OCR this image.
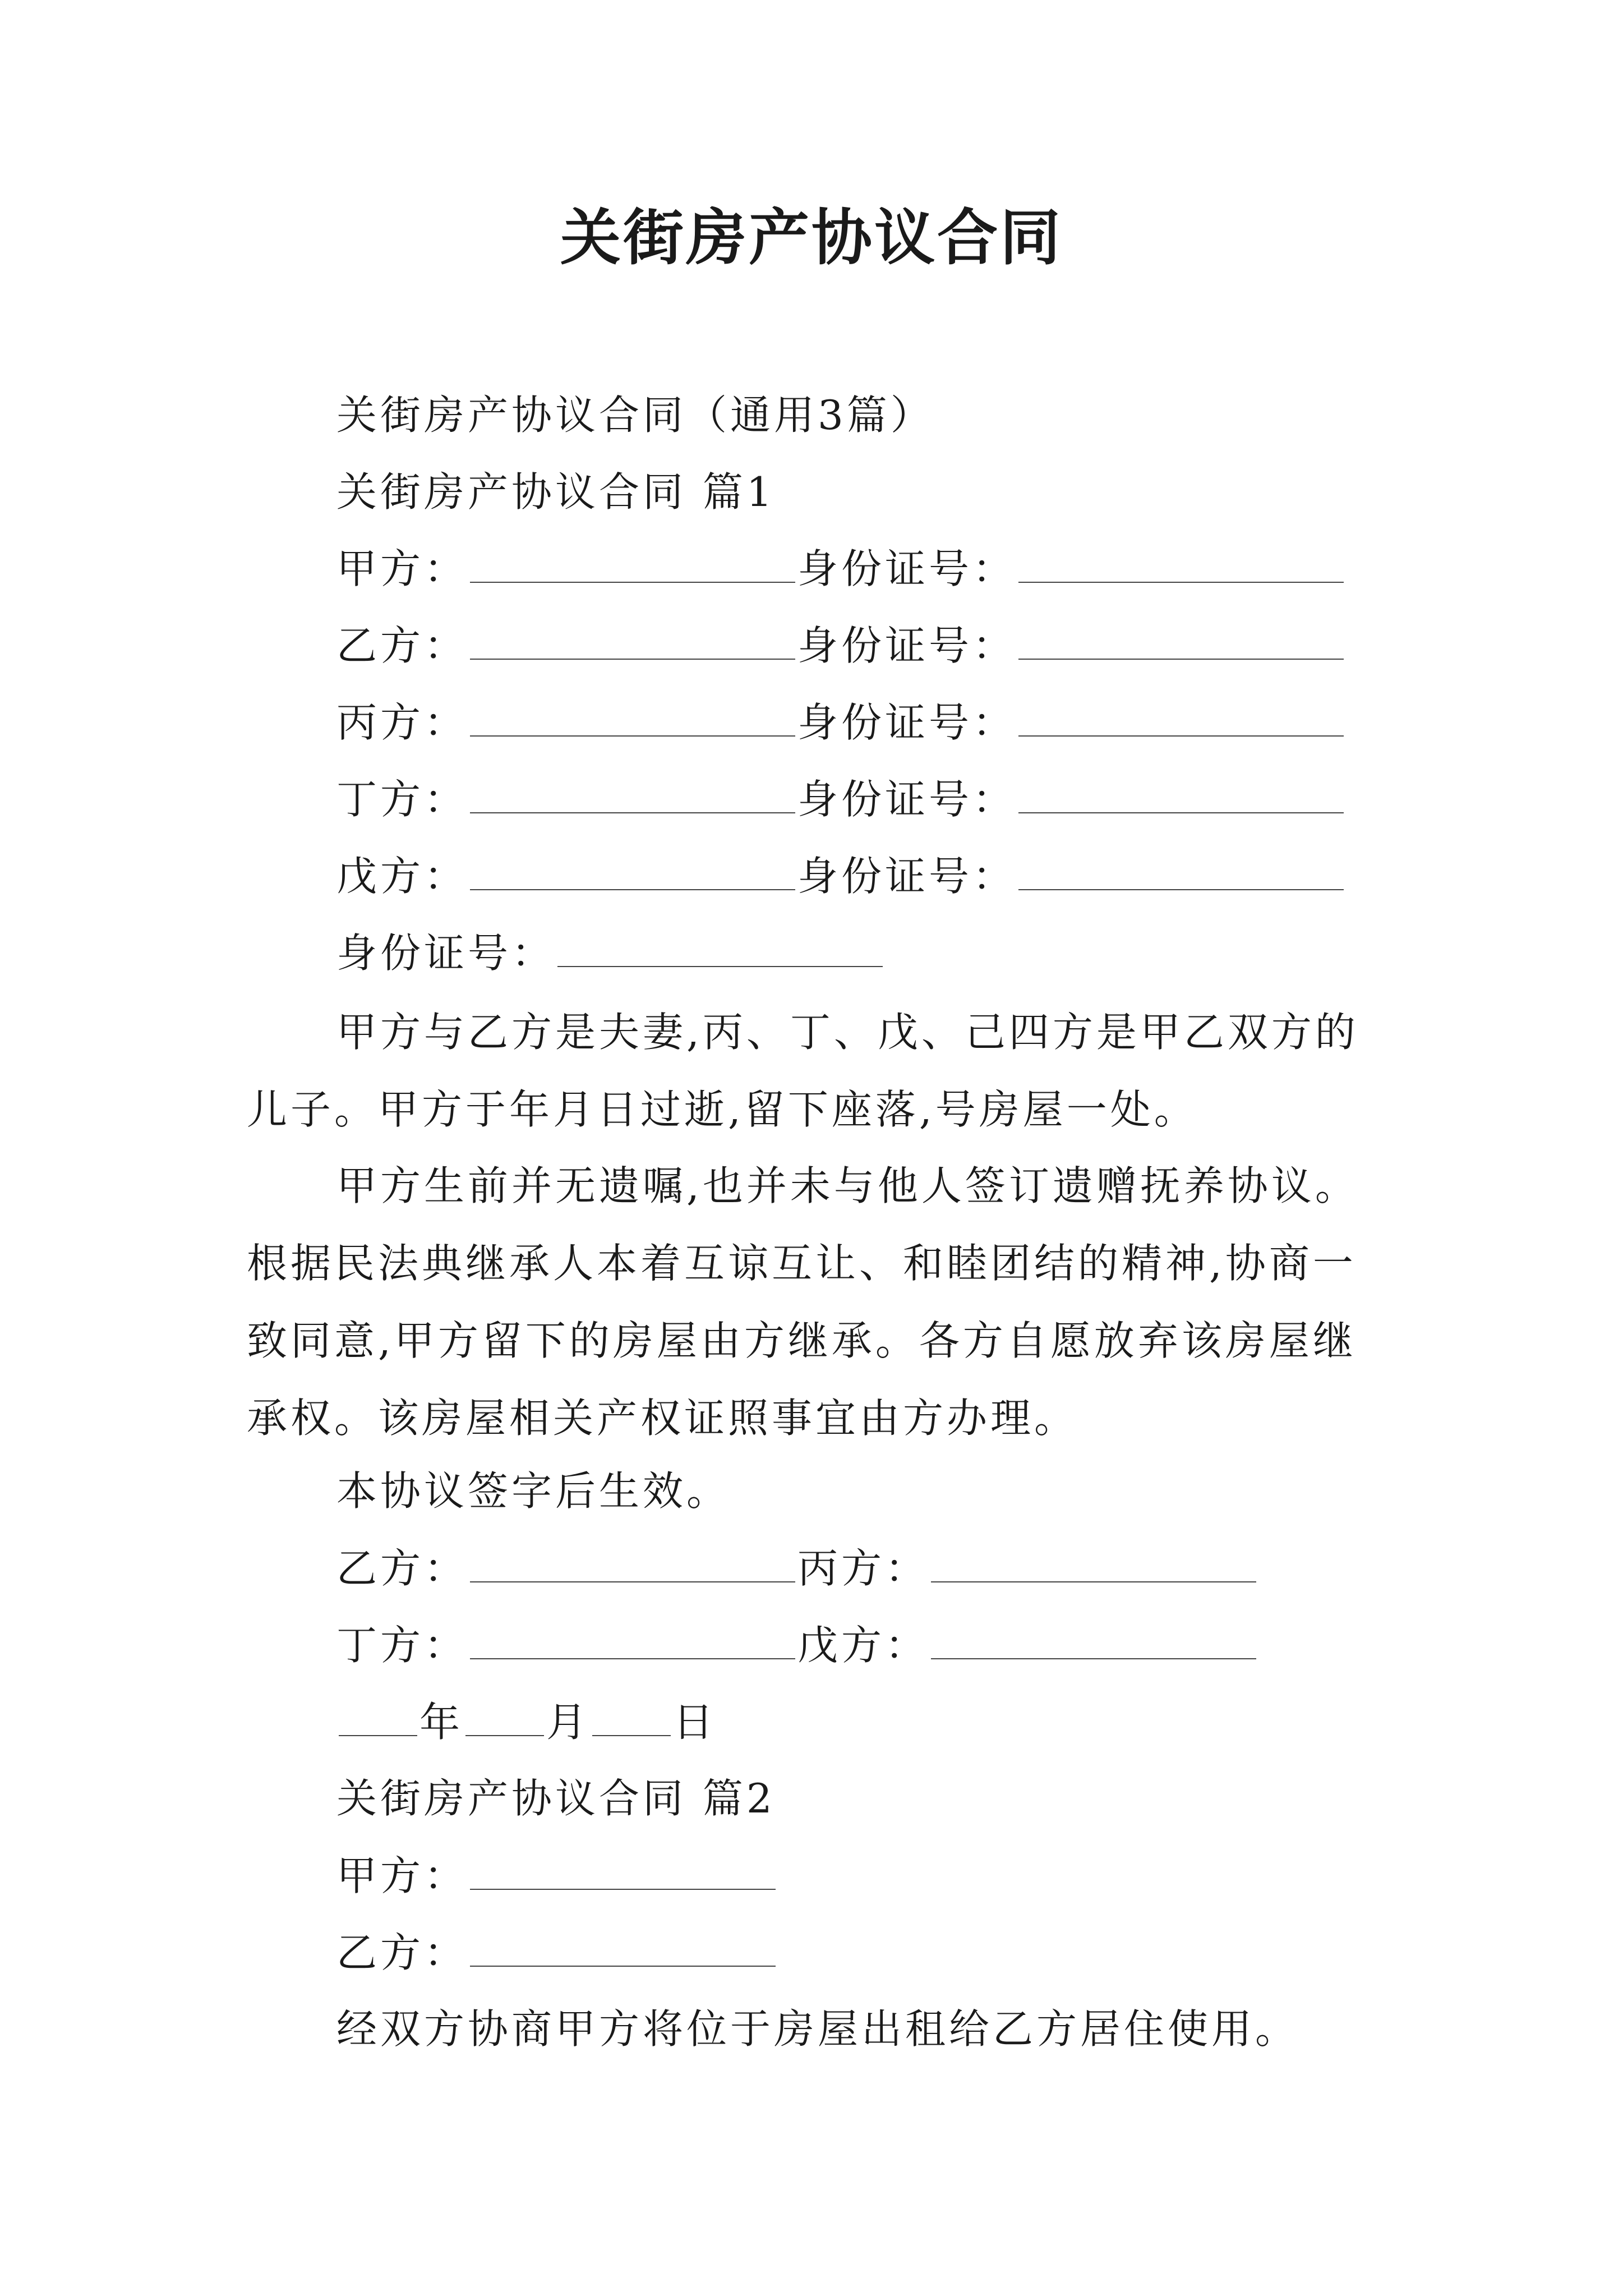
关街房产协议合同
关街房产协议合同（通用3篇）
关街房产协议合同 篇1
甲方：	身份证号：
乙方：	身份证号：
丙方：	身份证号：
丁方：	身份证号：
戊方：	身份证号：
身份证号：
甲方与乙方是夫妻,丙、丁、戊、己四方是甲乙双方的儿子。甲方于年月日过逝,留下座落,号房屋一处。
甲方生前并无遗嘱,也并未与他人签订遗赠抚养协议。根据民法典继承人本着互谅互让、和睦团结的精神,协商一致同意,甲方留下的房屋由方继承。各方自愿放弃该房屋继承权。该房屋相关产权证照事宜由方办理。
本协议签字后生效。
乙方：	丙方：
丁方：	戊方：
年 月 日
关街房产协议合同 篇2
甲方：
乙方：
经双方协商甲方将位于房屋出租给乙方居住使用。
